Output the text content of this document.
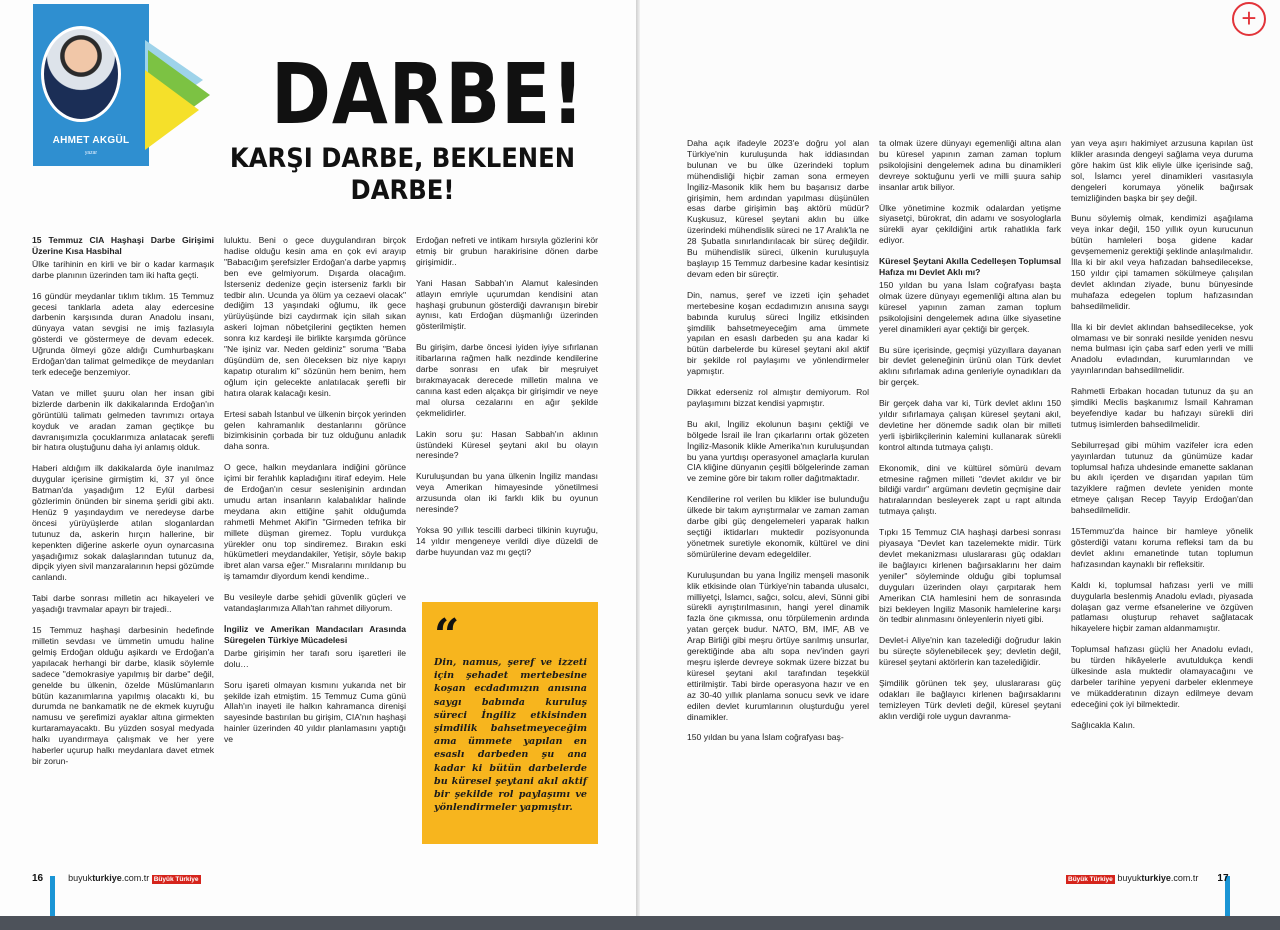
AHMET AKGÜL
yazar
DARBE!
KARŞI DARBE, BEKLENEN DARBE!
15 Temmuz CIA Haşhaşi Darbe Girişimi Üzerine Kısa Hasbihal

Ülke tarihinin en kirli ve bir o kadar karmaşık darbe planının üzerinden tam iki hafta geçti.

16 gündür meydanlar tıklım tıklım. 15 Temmuz gecesi tanklarla adeta alay edercesine darbenin karşısında duran Anadolu insanı, dünyaya vatan sevgisi ne imiş fazlasıyla gösterdi ve göstermeye de devam edecek. Uğrunda ölmeyi göze aldığı Cumhurbaşkanı Erdoğan'dan talimat gelmedikçe de meydanları terk edeceğe benzemiyor.

Vatan ve millet şuuru olan her insan gibi bizlerde darbenin ilk dakikalarında Erdoğan'ın görüntülü talimatı gelmeden tavrımızı ortaya koyduk ve aradan zaman geçtikçe bu davranışımızla çocuklarımıza anlatacak şerefli bir hatıra oluştuğunu daha iyi anlamış olduk.

Haberi aldığım ilk dakikalarda öyle inanılmaz duygular içerisine girmiştim ki, 37 yıl önce Batman'da yaşadığım 12 Eylül darbesi gözlerimin önünden bir sinema şeridi gibi aktı. Henüz 9 yaşındaydım ve neredeyse darbe öncesi yürüyüşlerde atılan sloganlardan tutunuz da, askerin hırçın hallerine, bir kepenkten diğerine askerle oyun oynarcasına yaşadığımız sokak dalaşlarından tutunuz da, dipçik yiyen sivil manzaralarının hepsi gözümde canlandı.

Tabi darbe sonrası milletin acı hikayeleri ve yaşadığı travmalar apayrı bir trajedi..

15 Temmuz haşhaşi darbesinin hedefinde milletin sevdası ve ümmetin umudu haline gelmiş Erdoğan olduğu aşikardı ve Erdoğan'a yapılacak herhangi bir darbe, klasik söylemle sadece "demokrasiye yapılmış bir darbe" değil, genelde bu ülkenin, özelde Müslümanların bütün kazanımlarına yapılmış olacaktı ki, bu durumda ne bankamatik ne de ekmek kuyruğu namusu ve şerefimizi ayaklar altına girmekten kurtaramayacaktı. Bu yüzden sosyal medyada halkı uyandırmaya çalışmak ve her yere haberler uçurup halkı meydanlara davet etmek bir zorun-

luluktu. Beni o gece duygulandıran birçok hadise olduğu kesin ama en çok evi arayıp "Babacığım şerefsizler Erdoğan'a darbe yapmış ben eve gelmiyorum. Dışarda olacağım. İsterseniz dedenize geçin isterseniz farklı bir tedbir alın. Ucunda ya ölüm ya cezaevi olacak" dediğim 13 yaşındaki oğlumu, ilk gece yürüyüşünde bizi caydırmak için silah sıkan askeri lojman nöbetçilerini geçtikten hemen sonra kız kardeşi ile birlikte karşımda görünce "Ne işiniz var. Neden geldiniz" soruma "Baba düşündüm de, sen öleceksen biz niye kapıyı kapatıp oturalım ki" sözünün hem benim, hem oğlum için gelecekte anlatılacak şerefli bir hatıra olarak kalacağı kesin.

Ertesi sabah İstanbul ve ülkenin birçok yerinden gelen kahramanlık destanlarını görünce bizimkisinin çorbada bir tuz olduğunu anladık daha sonra.

O gece, halkın meydanlara indiğini görünce içimi bir ferahlık kapladığını itiraf edeyim. Hele de Erdoğan'ın cesur seslenişinin ardından umudu artan insanların kalabalıklar halinde meydana akın ettiğine şahit olduğumda rahmetli Mehmet Akif'in "Girmeden tefrika bir millete düşman giremez. Toplu vurdukça yürekler onu top sindiremez. Bırakın eski hükümetleri meydandakiler, Yetişir, söyle bakıp ibret alan varsa eğer." Mısralarını mırıldanıp bu iş tamamdır diyordum kendi kendime..

Bu vesileyle darbe şehidi güvenlik güçleri ve vatandaşlarımıza Allah'tan rahmet diliyorum.

İngiliz ve Amerikan Mandacıları Arasında Süregelen Türkiye Mücadelesi

Darbe girişimin her tarafı soru işaretleri ile dolu…

Soru işareti olmayan kısmını yukarıda net bir şekilde izah etmiştim. 15 Temmuz Cuma günü Allah'ın inayeti ile halkın kahramanca direnişi sayesinde bastırılan bu girişim, CIA'nın haşhaşi hainler üzerinden 40 yıldır planlamasını yaptığı ve

Erdoğan nefreti ve intikam hırsıyla gözlerini kör etmiş bir grubun harakirisine dönen darbe girişimidir..

Yani Hasan Sabbah'ın Alamut kalesinden atlayın emriyle uçurumdan kendisini atan haşhaşi grubunun gösterdiği davranışın birebir aynısı, katı Erdoğan düşmanlığı üzerinden gösterilmiştir.

Bu girişim, darbe öncesi iyiden iyiye sıfırlanan itibarlarına rağmen halk nezdinde kendilerine darbe sonrası en ufak bir meşruiyet bırakmayacak derecede milletin malına ve canına kast eden alçakça bir girişimdir ve neye mal olursa cezalarını en ağır şekilde çekmelidirler.

Lakin soru şu: Hasan Sabbah'ın aklının üstündeki Küresel şeytani akıl bu olayın neresinde?

Kuruluşundan bu yana ülkenin İngiliz mandası veya Amerikan himayesinde yönetilmesi arzusunda olan iki farklı klik bu oyunun neresinde?

Yoksa 90 yıllık tescilli darbeci tilkinin kuyruğu, 14 yıldır mengeneye verildi diye düzeldi de darbe huyundan vaz mı geçti?

“
Din, namus, şeref ve izzeti için şehadet mertebesine koşan ecdadımızın anısına saygı babında kuruluş süreci İngiliz etkisinden şimdilik bahsetmeyeceğim ama ümmete yapılan en esaslı darbeden şu ana kadar ki bütün darbelerde bu küresel şeytani akıl aktif bir şekilde rol paylaşımı ve yönlendirmeler yapmıştır.
16	buyukturkiye.com.tr Büyük Türkiye
+

Daha açık ifadeyle 2023'e doğru yol alan Türkiye'nin kuruluşunda hak iddiasından bulunan ve bu ülke üzerindeki toplum mühendisliği hiçbir zaman sona ermeyen İngiliz-Masonik klik hem bu başarısız darbe girişimin, hem ardından yapılması düşünülen esas darbe girişimin baş aktörü müdür? Kuşkusuz, küresel şeytani aklın bu ülke üzerindeki mühendislik süreci ne 17 Aralık'la ne 28 Şubatla sınırlandırılacak bir süreç değildir. Bu mühendislik süreci, ülkenin kuruluşuyla başlayıp 15 Temmuz darbesine kadar kesintisiz devam eden bir süreçtir.

Din, namus, şeref ve izzeti için şehadet mertebesine koşan ecdadımızın anısına saygı babında kuruluş süreci İngiliz etkisinden şimdilik bahsetmeyeceğim ama ümmete yapılan en esaslı darbeden şu ana kadar ki bütün darbelerde bu küresel şeytani akıl aktif bir şekilde rol paylaşımı ve yönlendirmeler yapmıştır.

Dikkat ederseniz rol almıştır demiyorum. Rol paylaşımını bizzat kendisi yapmıştır.

Bu akıl, İngiliz ekolunun başını çektiği ve bölgede İsrail ile İran çıkarlarını ortak gözeten İngiliz-Masonik klikle Amerika'nın kuruluşundan bu yana yurtdışı operasyonel amaçlarla kurulan CIA kliğine dünyanın çeşitli bölgelerinde zaman ve zemine göre bir takım roller dağıtmaktadır.

Kendilerine rol verilen bu klikler ise bulunduğu ülkede bir takım ayrıştırmalar ve zaman zaman darbe gibi güç dengelemeleri yaparak halkın seçtiği iktidarları muktedir pozisyonunda yönetmek suretiyle ekonomik, kültürel ve dini sömürülerine devam edegeldiler.

Kuruluşundan bu yana İngiliz menşeli masonik klik etkisinde olan Türkiye'nin tabanda ulusalcı, milliyetçi, İslamcı, sağcı, solcu, alevi, Sünni gibi sürekli ayrıştırılmasının, hangi yerel dinamik fazla öne çıkmıssa, onu törpülemenin ardında yatan gerçek budur. NATO, BM, IMF, AB ve Arap Birliği gibi meşru örtüye sarılmış unsurlar, gerektiğinde aba altı sopa nev'inden gayri meşru işlerde devreye sokmak üzere bizzat bu küresel şeytani akıl tarafından teşekkül ettirilmiştir. Tabi birde operasyona hazır ve en az 30-40 yıllık planlama sonucu sevk ve idare edilen devlet kurumlarının oluşturduğu yerel dinamikler.

150 yıldan bu yana İslam coğrafyası baş-

ta olmak üzere dünyayı egemenliği altına alan bu küresel yapının zaman zaman toplum psikolojisini dengelemek adına bu dinamikleri devreye soktuğunu yerli ve milli şuura sahip insanlar artık biliyor.

Ülke yönetimine kozmik odalardan yetişme siyasetçi, bürokrat, din adamı ve sosyologlarla sürekli ayar çekildiğini artık rahatlıkla fark ediyor.

Küresel Şeytani Akılla Cedelleşen Toplumsal Hafıza mı Devlet Aklı mı?

150 yıldan bu yana İslam coğrafyası başta olmak üzere dünyayı egemenliği altına alan bu küresel yapının zaman zaman toplum psikolojisini dengelemek adına ülke siyasetine yerel dinamikleri ayar çektiği bir gerçek.

Bu süre içerisinde, geçmişi yüzyıllara dayanan bir devlet geleneğinin ürünü olan Türk devlet aklını sıfırlamak adına genleriyle oynadıkları da bir gerçek.

Bir gerçek daha var ki, Türk devlet aklını 150 yıldır sıfırlamaya çalışan küresel şeytani akıl, devletine her dönemde sadık olan bir milleti yerli işbirlikçilerinin kalemini kullanarak sürekli kontrol altında tutmaya çalıştı.

Ekonomik, dini ve kültürel sömürü devam etmesine rağmen milleti "devlet akıldır ve bir bildiği vardır" argümanı devletin geçmişine dair hatıralarından besleyerek zapt u rapt altında tutmaya çalıştı.

Tıpkı 15 Temmuz CIA haşhaşi darbesi sonrası piyasaya "Devlet kan tazelemekte midir. Türk devlet mekanizması uluslararası güç odakları ile bağlayıcı kirlenen bağırsaklarını her daim yeniler" söyleminde olduğu gibi toplumsal duyguları üzerinden olayı çarpıtarak hem Amerikan CIA hamlesini hem de sonrasında bizi bekleyen İngiliz Masonik hamlelerine karşı ön tedbir alınmasını önleyenlerin niyeti gibi.

Devlet-i Aliye'nin kan tazelediği doğrudur lakin bu süreçte söylenebilecek şey; devletin değil, küresel şeytani aktörlerin kan tazelediğidir.

Şimdilik görünen tek şey, uluslararası güç odakları ile bağlayıcı kirlenen bağırsaklarını temizleyen Türk devleti değil, küresel şeytani aklın verdiği role uygun davranma-

yan veya aşırı hakimiyet arzusuna kapılan üst klikler arasında dengeyi sağlama veya duruma göre hakim üst klik eliyle ülke içerisinde sağ, sol, İslamcı yerel dinamikleri vasıtasıyla dengeleri korumaya yönelik bağırsak temizliğinden başka bir şey değil.

Bunu söylemiş olmak, kendimizi aşağılama veya inkar değil, 150 yıllık oyun kurucunun bütün hamleleri boşa gidene kadar gevşememeniz gerektiği şeklinde anlaşılmalıdır. İlla ki bir akıl veya hafızadan bahsedilecekse, 150 yıldır çipi tamamen sökülmeye çalışılan devlet aklından ziyade, bunu bünyesinde muhafaza edegelen toplum hafızasından bahsedilmelidir.

İlla ki bir devlet aklından bahsedilecekse, yok olmaması ve bir sonraki nesilde yeniden nesvu nema bulması için çaba sarf eden yerli ve milli Anadolu evladından, kurumlarından ve yayınlarından bahsedilmelidir.

Rahmetli Erbakan hocadan tutunuz da şu an şimdiki Meclis başkanımız İsmail Kahraman beyefendiye kadar bu hafızayı sürekli diri tutmuş isimlerden bahsedilmelidir.

Sebilurreşad gibi mühim vazifeler icra eden yayınlardan tutunuz da günümüze kadar toplumsal hafıza uhdesinde emanette saklanan bu akılı içerden ve dışarıdan yapılan tüm tazyiklere rağmen devlete yeniden monte etmeye çalışan Recep Tayyip Erdoğan'dan bahsedilmelidir.

15Temmuz'da haince bir hamleye yönelik gösterdiği vatanı koruma refleksi tam da bu devlet aklını emanetinde tutan toplumun hafızasından kaynaklı bir refleksitir.

Kaldı ki, toplumsal hafızası yerli ve milli duygularla beslenmiş Anadolu evladı, piyasada dolaşan gaz verme efsanelerine ve özgüven patlaması oluşturup rehavet sağlatacak hikayelere hiçbir zaman aldanmamıştır.

Toplumsal hafızası güçlü her Anadolu evladı, bu türden hikâyelerle avutuldukça kendi ülkesinde asla muktedir olamayacağını ve darbeler tarihine yepyeni darbeler eklenmeye ve mükadderatının dizayn edilmeye devam edeceğini çok iyi bilmektedir.

Sağlıcakla Kalın.

Büyük Türkiye buyukturkiye.com.tr 17
